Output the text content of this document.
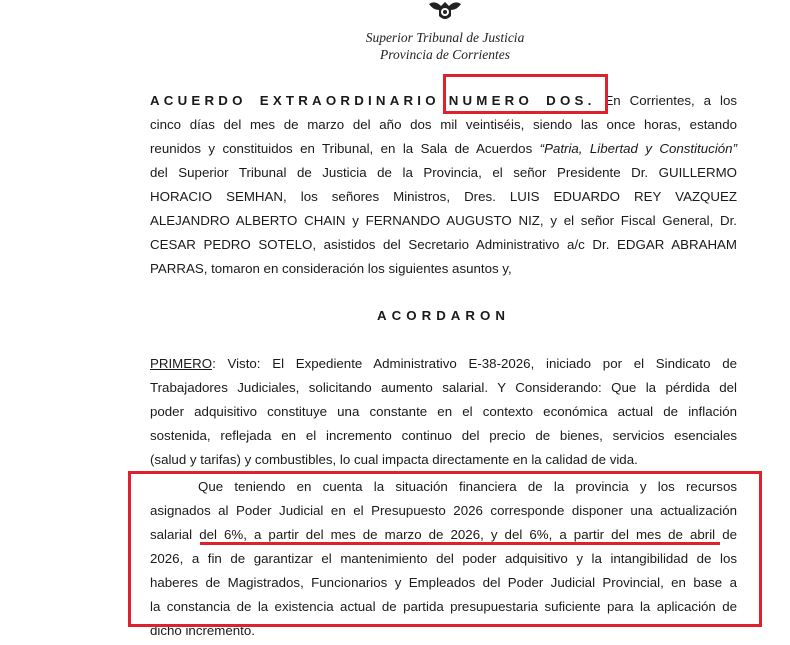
Superior Tribunal de Justicia
Provincia de Corrientes
ACUERDO EXTRAORDINARIO NUMERO DOS. En Corrientes, a los
cinco días del mes de marzo del año dos mil veintiséis, siendo las once horas, estando
reunidos y constituidos en Tribunal, en la Sala de Acuerdos “Patria, Libertad y Constitución”
del Superior Tribunal de Justicia de la Provincia, el señor Presidente Dr. GUILLERMO
HORACIO SEMHAN, los señores Ministros, Dres. LUIS EDUARDO REY VAZQUEZ
ALEJANDRO ALBERTO CHAIN y FERNANDO AUGUSTO NIZ, y el señor Fiscal General, Dr.
CESAR PEDRO SOTELO, asistidos del Secretario Administrativo a/c Dr. EDGAR ABRAHAM
PARRAS, tomaron en consideración los siguientes asuntos y,
ACORDARON
PRIMERO: Visto: El Expediente Administrativo E-38-2026, iniciado por el Sindicato de
Trabajadores Judiciales, solicitando aumento salarial. Y Considerando: Que la pérdida del
poder adquisitivo constituye una constante en el contexto económica actual de inflación
sostenida, reflejada en el incremento continuo del precio de bienes, servicios esenciales
(salud y tarifas) y combustibles, lo cual impacta directamente en la calidad de vida.
Que teniendo en cuenta la situación financiera de la provincia y los recursos
asignados al Poder Judicial en el Presupuesto 2026 corresponde disponer una actualización
salarial del 6%, a partir del mes de marzo de 2026, y del 6%, a partir del mes de abril de
2026, a fin de garantizar el mantenimiento del poder adquisitivo y la intangibilidad de los
haberes de Magistrados, Funcionarios y Empleados del Poder Judicial Provincial, en base a
la constancia de la existencia actual de partida presupuestaria suficiente para la aplicación de
dicho incremento.
